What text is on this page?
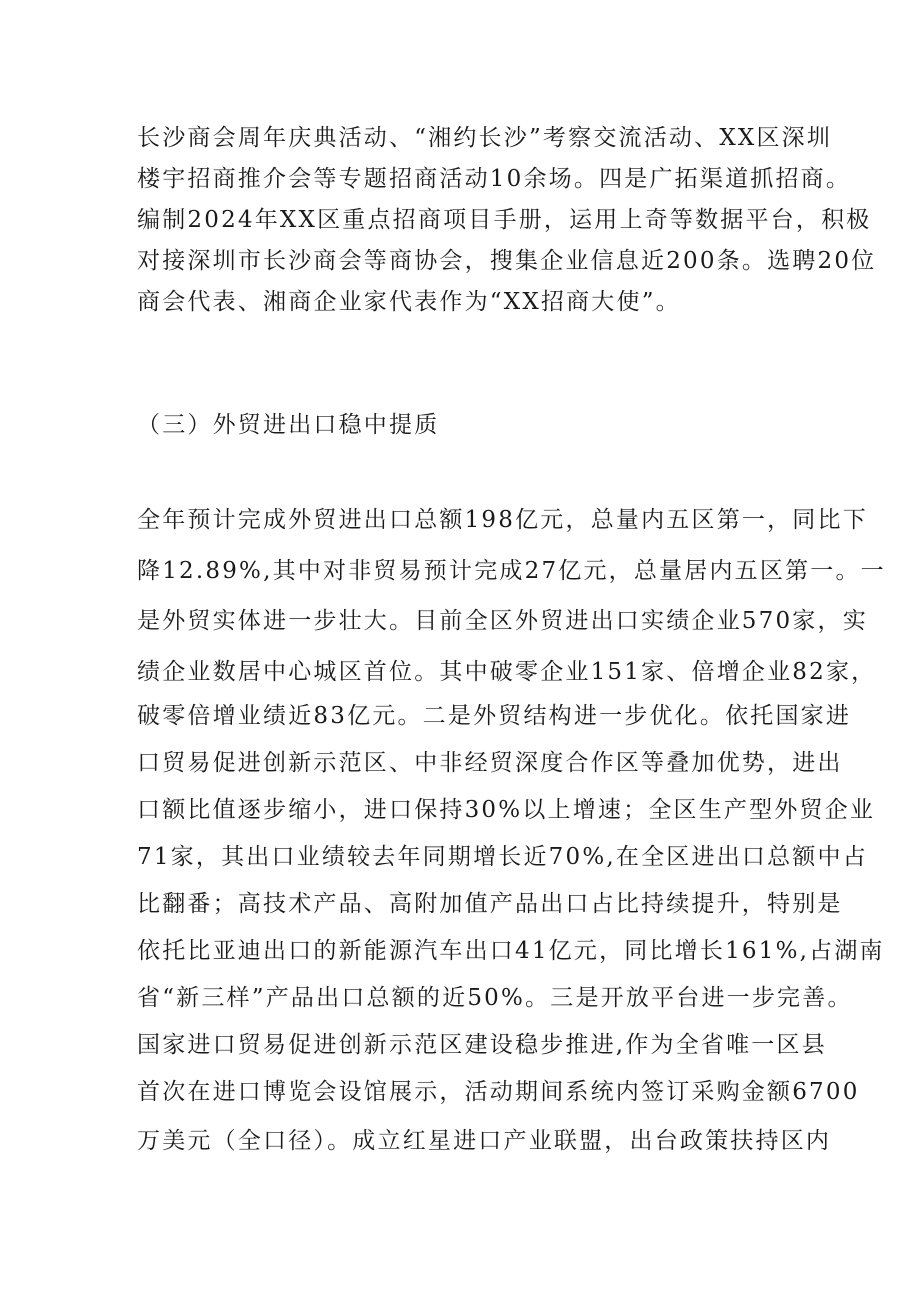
长沙商会周年庆典活动、“湘约长沙”考察交流活动、XX区深圳
楼宇招商推介会等专题招商活动10余场。四是广拓渠道抓招商。
编制2024年XX区重点招商项目手册，运用上奇等数据平台，积极
对接深圳市长沙商会等商协会，搜集企业信息近200条。选聘20位
商会代表、湘商企业家代表作为“XX招商大使”。
（三）外贸进出口稳中提质
全年预计完成外贸进出口总额198亿元，总量内五区第一，同比下
降12.89%,其中对非贸易预计完成27亿元，总量居内五区第一。一
是外贸实体进一步壮大。目前全区外贸进出口实绩企业570家，实
绩企业数居中心城区首位。其中破零企业151家、倍增企业82家，
破零倍增业绩近83亿元。二是外贸结构进一步优化。依托国家进
口贸易促进创新示范区、中非经贸深度合作区等叠加优势，进出
口额比值逐步缩小，进口保持30%以上增速；全区生产型外贸企业
71家，其出口业绩较去年同期增长近70%,在全区进出口总额中占
比翻番；高技术产品、高附加值产品出口占比持续提升，特别是
依托比亚迪出口的新能源汽车出口41亿元，同比增长161%,占湖南
省“新三样”产品出口总额的近50%。三是开放平台进一步完善。
国家进口贸易促进创新示范区建设稳步推进,作为全省唯一区县
首次在进口博览会设馆展示，活动期间系统内签订采购金额6700
万美元（全口径）。成立红星进口产业联盟，出台政策扶持区内
